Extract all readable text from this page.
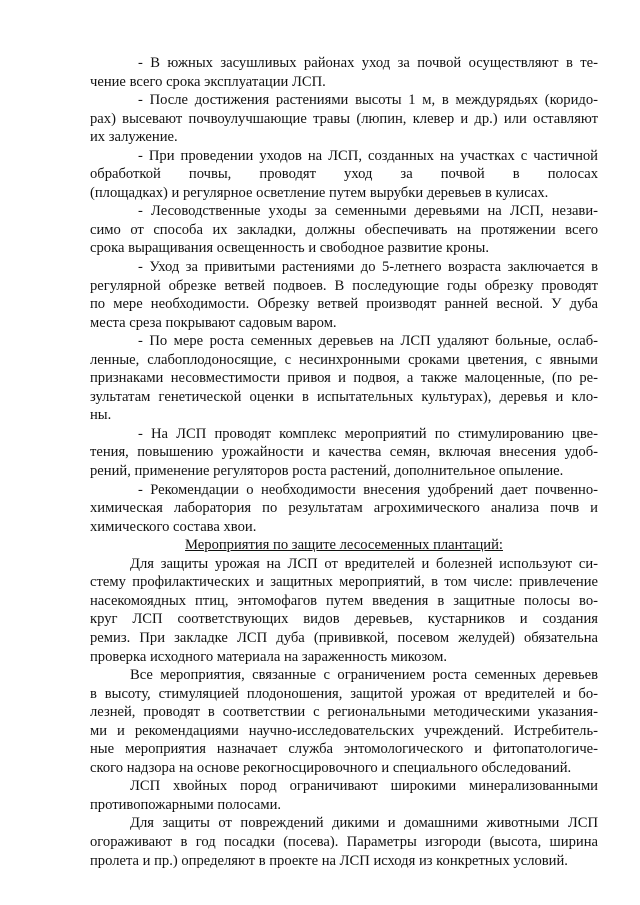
- В южных засушливых районах уход за почвой осуществляют в те-
чение всего срока эксплуатации ЛСП.
- После достижения растениями высоты 1 м, в междурядьях (коридо-
рах) высевают почвоулучшающие травы (люпин, клевер и др.) или оставляют
их залужение.
- При проведении уходов на ЛСП, созданных на участках с частичной
обработкой почвы, проводят уход за почвой в полосах
(площадках) и регулярное осветление путем вырубки деревьев в кулисах.
- Лесоводственные уходы за семенными деревьями на ЛСП, незави-
симо от способа их закладки, должны обеспечивать на протяжении всего
срока выращивания освещенность и свободное развитие кроны.
- Уход за привитыми растениями до 5-летнего возраста заключается в
регулярной обрезке ветвей подвоев. В последующие годы обрезку проводят
по мере необходимости. Обрезку ветвей производят ранней весной. У дуба
места среза покрывают садовым варом.
- По мере роста семенных деревьев на ЛСП удаляют больные, ослаб-
ленные, слабоплодоносящие, с несинхронными сроками цветения, с явными
признаками несовместимости привоя и подвоя, а также малоценные, (по ре-
зультатам генетической оценки в испытательных культурах), деревья и кло-
ны.
- На ЛСП проводят комплекс мероприятий по стимулированию цве-
тения, повышению урожайности и качества семян, включая внесения удоб-
рений, применение регуляторов роста растений, дополнительное опыление.
- Рекомендации о необходимости внесения удобрений дает почвенно-
химическая лаборатория по результатам агрохимического анализа почв и
химического состава хвои.
Мероприятия по защите лесосеменных плантаций:
Для защиты урожая на ЛСП от вредителей и болезней используют си-
стему профилактических и защитных мероприятий, в том числе: привлечение
насекомоядных птиц, энтомофагов путем введения в защитные полосы во-
круг ЛСП соответствующих видов деревьев, кустарников и создания
ремиз. При закладке ЛСП дуба (прививкой, посевом желудей) обязательна
проверка исходного материала на зараженность микозом.
Все мероприятия, связанные с ограничением роста семенных деревьев
в высоту, стимуляцией плодоношения, защитой урожая от вредителей и бо-
лезней, проводят в соответствии с региональными методическими указания-
ми и рекомендациями научно-исследовательских учреждений. Истребитель-
ные мероприятия назначает служба энтомологического и фитопатологиче-
ского надзора на основе рекогносцировочного и специального обследований.
ЛСП хвойных пород ограничивают широкими минерализованными
противопожарными полосами.
Для защиты от повреждений дикими и домашними животными ЛСП
огораживают в год посадки (посева). Параметры изгороди (высота, ширина
пролета и пр.) определяют в проекте на ЛСП исходя из конкретных условий.
